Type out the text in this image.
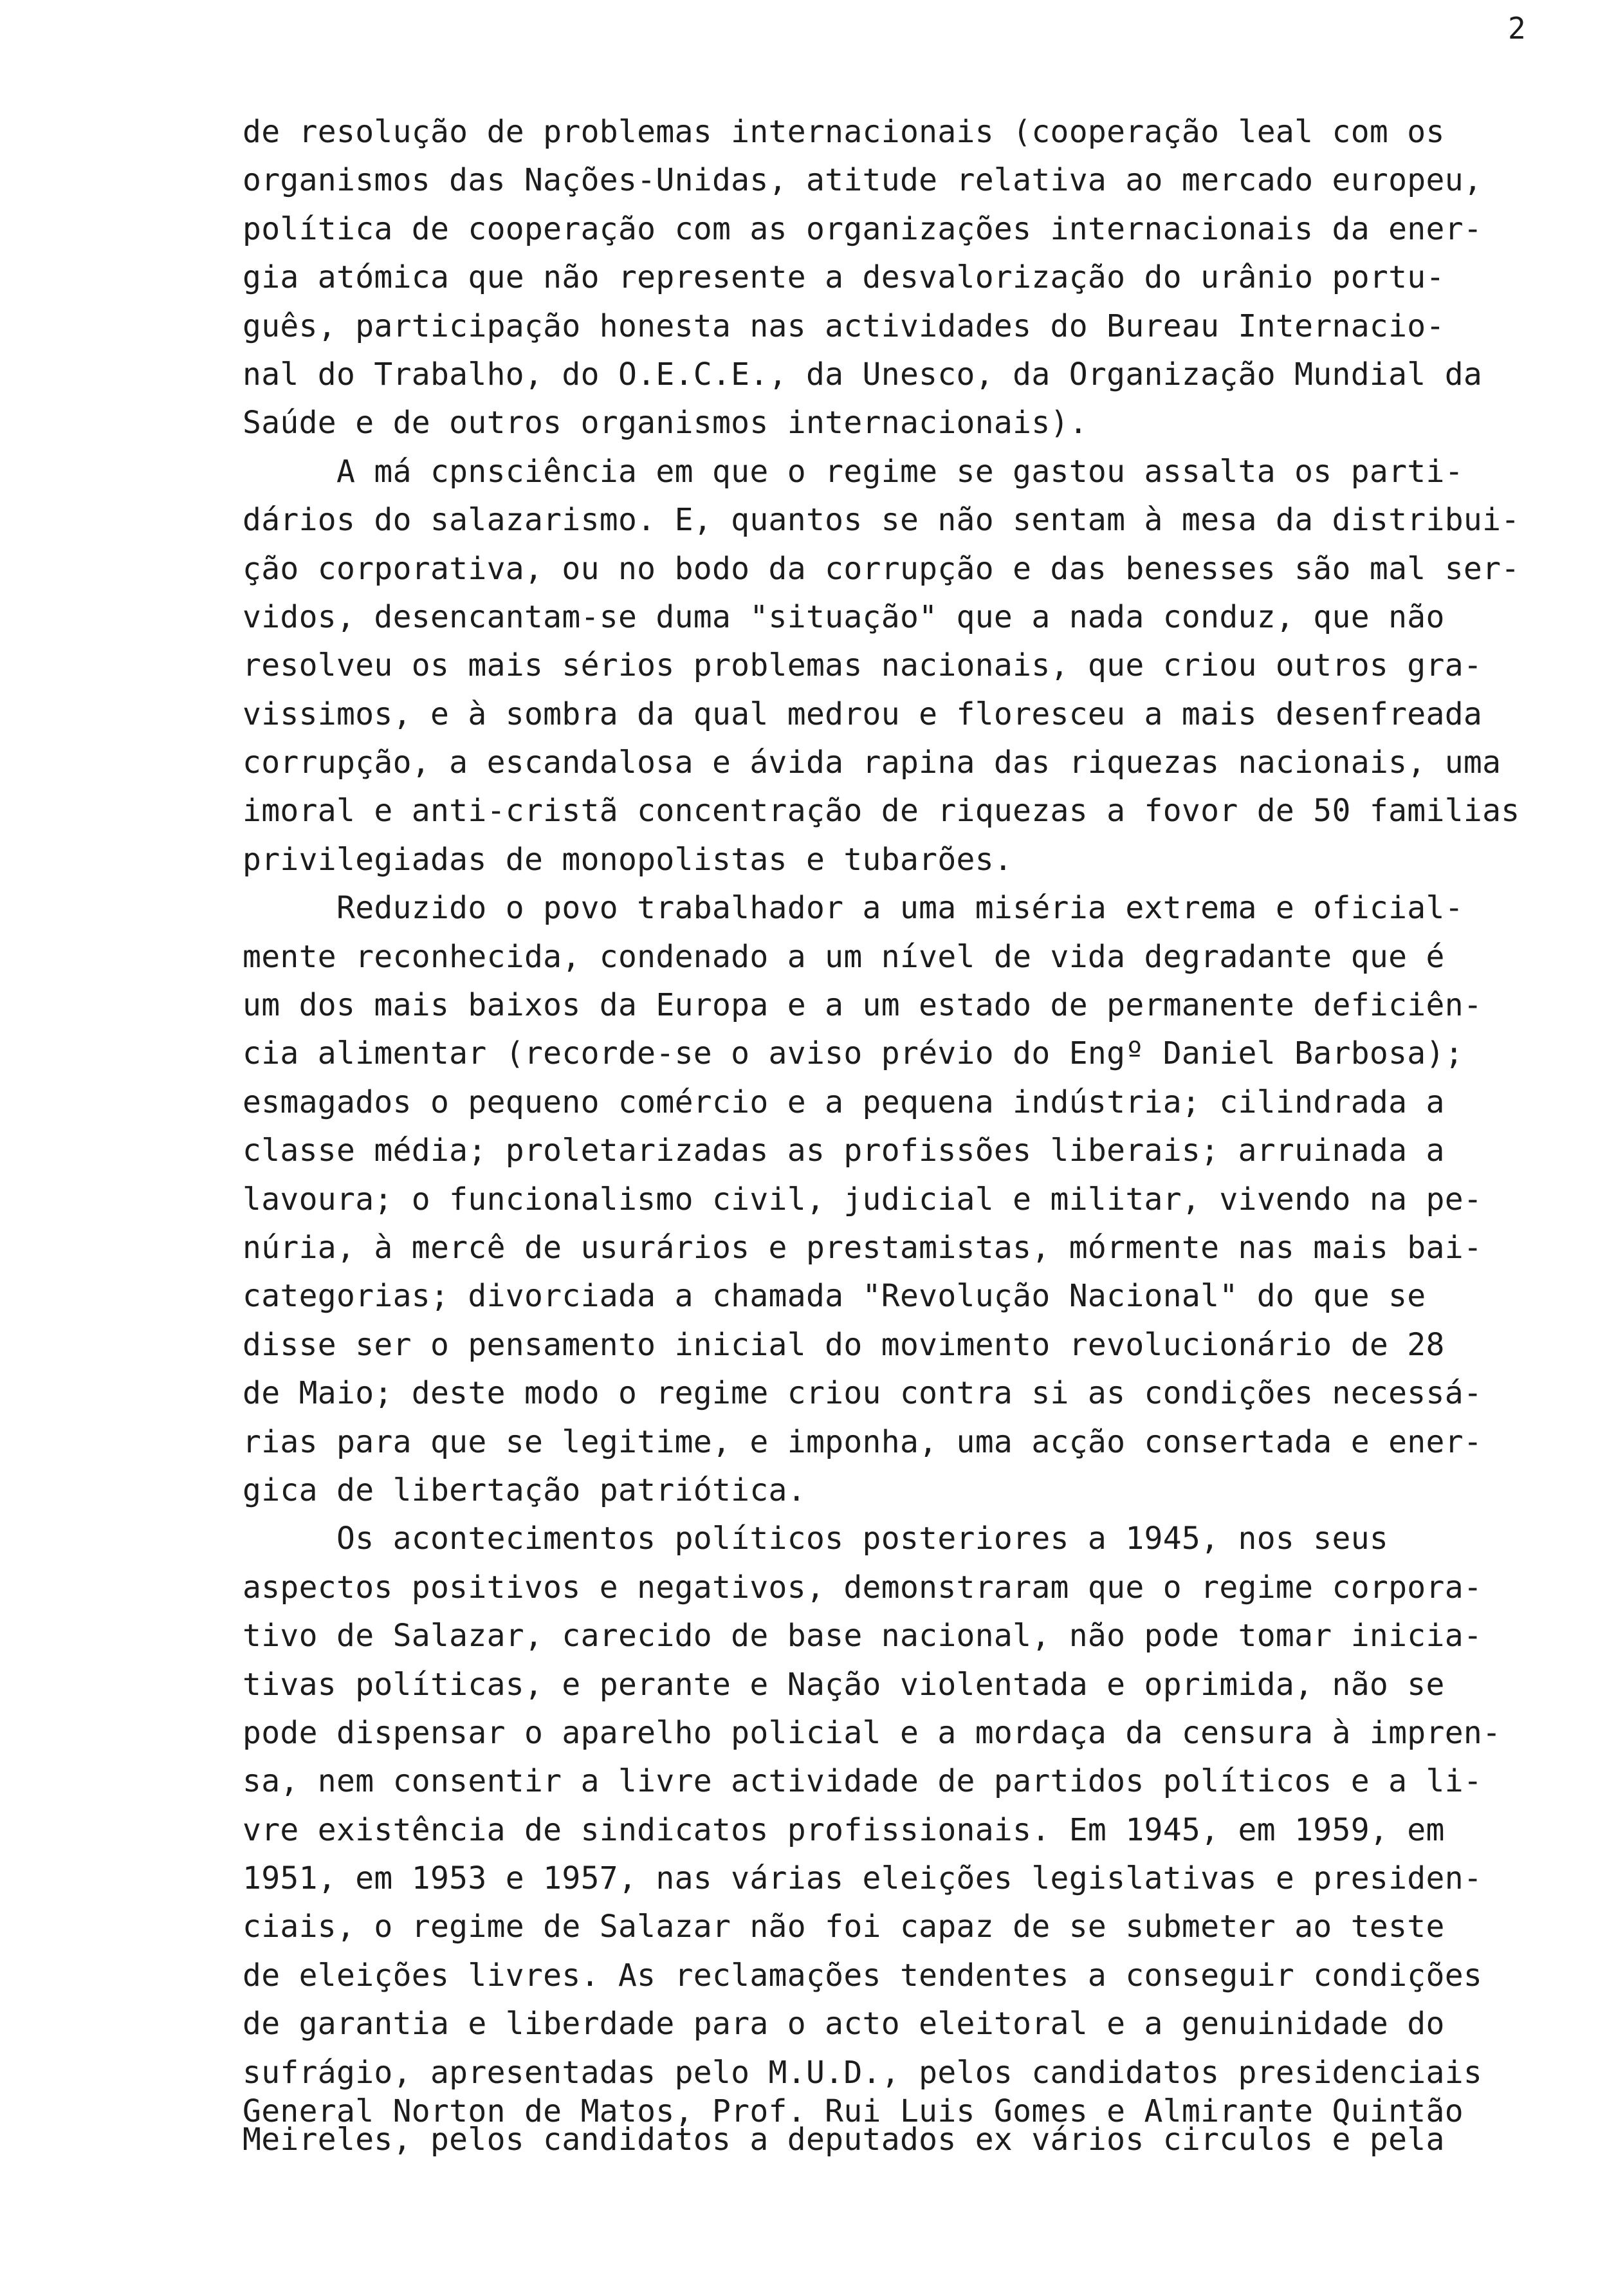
2
de resolução de problemas internacionais (cooperação leal com os
organismos das Nações-Unidas, atitude relativa ao mercado europeu,
política de cooperação com as organizações internacionais da ener-
gia atómica que não represente a desvalorização do urânio portu-
guês, participação honesta nas actividades do Bureau Internacio-
nal do Trabalho, do O.E.C.E., da Unesco, da Organização Mundial da
Saúde e de outros organismos internacionais).
A má cpnsciência em que o regime se gastou assalta os parti-
dários do salazarismo. E, quantos se não sentam à mesa da distribui-
ção corporativa, ou no bodo da corrupção e das benesses são mal ser-
vidos, desencantam-se duma "situação" que a nada conduz, que não
resolveu os mais sérios problemas nacionais, que criou outros gra-
vissimos, e à sombra da qual medrou e floresceu a mais desenfreada
corrupção, a escandalosa e ávida rapina das riquezas nacionais, uma
imoral e anti-cristã concentração de riquezas a fovor de 50 familias
privilegiadas de monopolistas e tubarões.
Reduzido o povo trabalhador a uma miséria extrema e oficial-
mente reconhecida, condenado a um nível de vida degradante que é
um dos mais baixos da Europa e a um estado de permanente deficiên-
cia alimentar (recorde-se o aviso prévio do Engº Daniel Barbosa);
esmagados o pequeno comércio e a pequena indústria; cilindrada a
classe média; proletarizadas as profissões liberais; arruinada a
lavoura; o funcionalismo civil, judicial e militar, vivendo na pe-
núria, à mercê de usurários e prestamistas, mórmente nas mais bai-
categorias; divorciada a chamada "Revolução Nacional" do que se
disse ser o pensamento inicial do movimento revolucionário de 28
de Maio; deste modo o regime criou contra si as condições necessá-
rias para que se legitime, e imponha, uma acção consertada e ener-
gica de libertação patriótica.
Os acontecimentos políticos posteriores a 1945, nos seus
aspectos positivos e negativos, demonstraram que o regime corpora-
tivo de Salazar, carecido de base nacional, não pode tomar inicia-
tivas políticas, e perante e Nação violentada e oprimida, não se
pode dispensar o aparelho policial e a mordaça da censura à impren-
sa, nem consentir a livre actividade de partidos políticos e a li-
vre existência de sindicatos profissionais. Em 1945, em 1959, em
1951, em 1953 e 1957, nas várias eleições legislativas e presiden-
ciais, o regime de Salazar não foi capaz de se submeter ao teste
de eleições livres. As reclamações tendentes a conseguir condições
de garantia e liberdade para o acto eleitoral e a genuinidade do
sufrágio, apresentadas pelo M.U.D., pelos candidatos presidenciais
General Norton de Matos, Prof. Rui Luis Gomes e Almirante Quintão
Meireles, pelos candidatos a deputados ex vários circulos e pela
